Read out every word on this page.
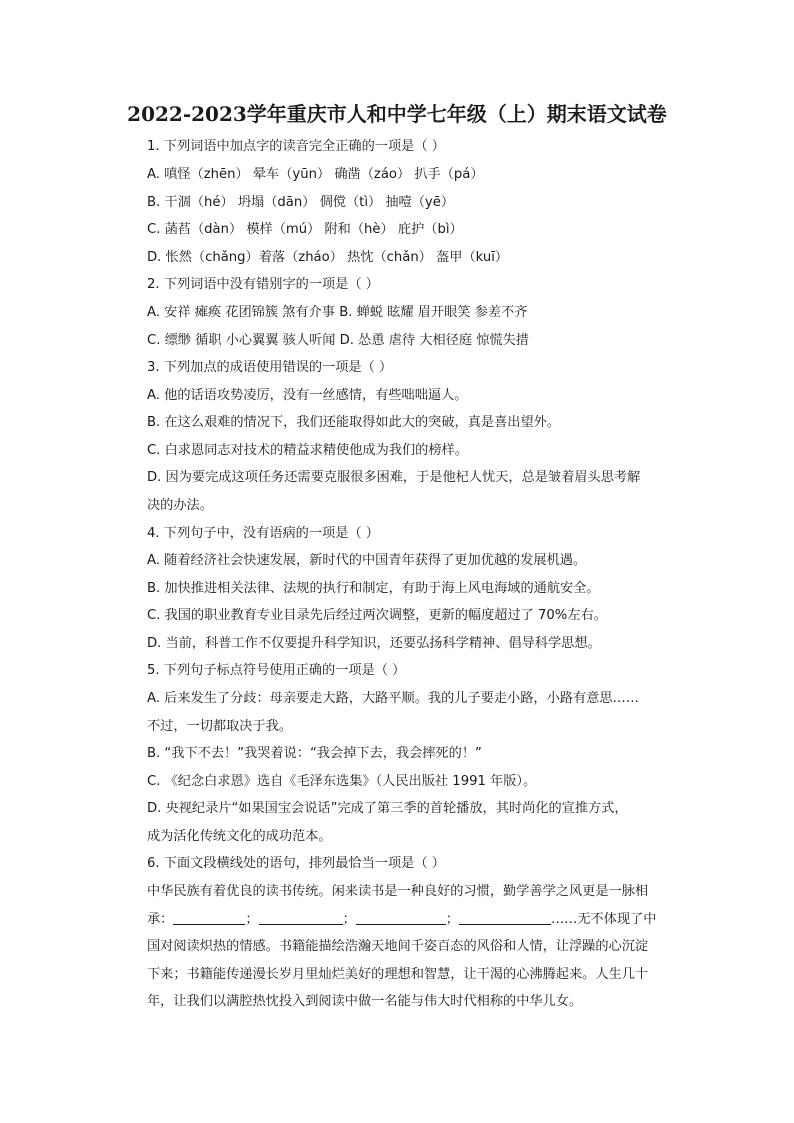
2022-2023学年重庆市人和中学七年级（上）期末语文试卷
1. 下列词语中加点字的读音完全正确的一项是（ ）
A. 嗔怪（zhēn） 晕车（yūn） 确凿（záo） 扒手（pá）
B. 干涸（hé） 坍塌（dān） 倜傥（tì） 抽噎（yē）
C. 菡萏（dàn） 模样（mú） 附和（hè） 庇护（bì）
D. 怅然（chǎng）着落（zháo） 热忱（chǎn） 盔甲（kuī）
2. 下列词语中没有错别字的一项是（ ）
A. 安祥 瘫痪 花团锦簇 煞有介事 B. 蝉蜕 眩耀 眉开眼笑 参差不齐
C. 缥缈 循职 小心翼翼 骇人听闻 D. 怂恿 虐待 大相径庭 惊慌失措
3. 下列加点的成语使用错误的一项是（ ）
A. 他的话语攻势凌厉，没有一丝感情，有些咄咄逼人。
B. 在这么艰难的情况下，我们还能取得如此大的突破，真是喜出望外。
C. 白求恩同志对技术的精益求精使他成为我们的榜样。
D. 因为要完成这项任务还需要克服很多困难，于是他杞人忧天，总是皱着眉头思考解
决的办法。
4. 下列句子中，没有语病的一项是（ ）
A. 随着经济社会快速发展，新时代的中国青年获得了更加优越的发展机遇。
B. 加快推进相关法律、法规的执行和制定，有助于海上风电海域的通航安全。
C. 我国的职业教育专业目录先后经过两次调整，更新的幅度超过了 70%左右。
D. 当前，科普工作不仅要提升科学知识，还要弘扬科学精神、倡导科学思想。
5. 下列句子标点符号使用正确的一项是（ ）
A. 后来发生了分歧：母亲要走大路，大路平顺。我的儿子要走小路，小路有意思……
不过，一切都取决于我。
B. “我下不去！”我哭着说：“我会掉下去，我会摔死的！”
C. 《纪念白求恩》选自《毛泽东选集》（人民出版社 1991 年版）。
D. 央视纪录片“如果国宝会说话”完成了第三季的首轮播放，其时尚化的宣推方式，
成为活化传统文化的成功范本。
6. 下面文段横线处的语句，排列最恰当一项是（ ）
中华民族有着优良的读书传统。闲来读书是一种良好的习惯，勤学善学之风更是一脉相
承：	；	；	；	……无不体现了中
国对阅读炽热的情感。书籍能描绘浩瀚天地间千姿百态的风俗和人情，让浮躁的心沉淀
下来；书籍能传递漫长岁月里灿烂美好的理想和智慧，让干渴的心沸腾起来。人生几十
年，让我们以满腔热忱投入到阅读中做一名能与伟大时代相称的中华儿女。
